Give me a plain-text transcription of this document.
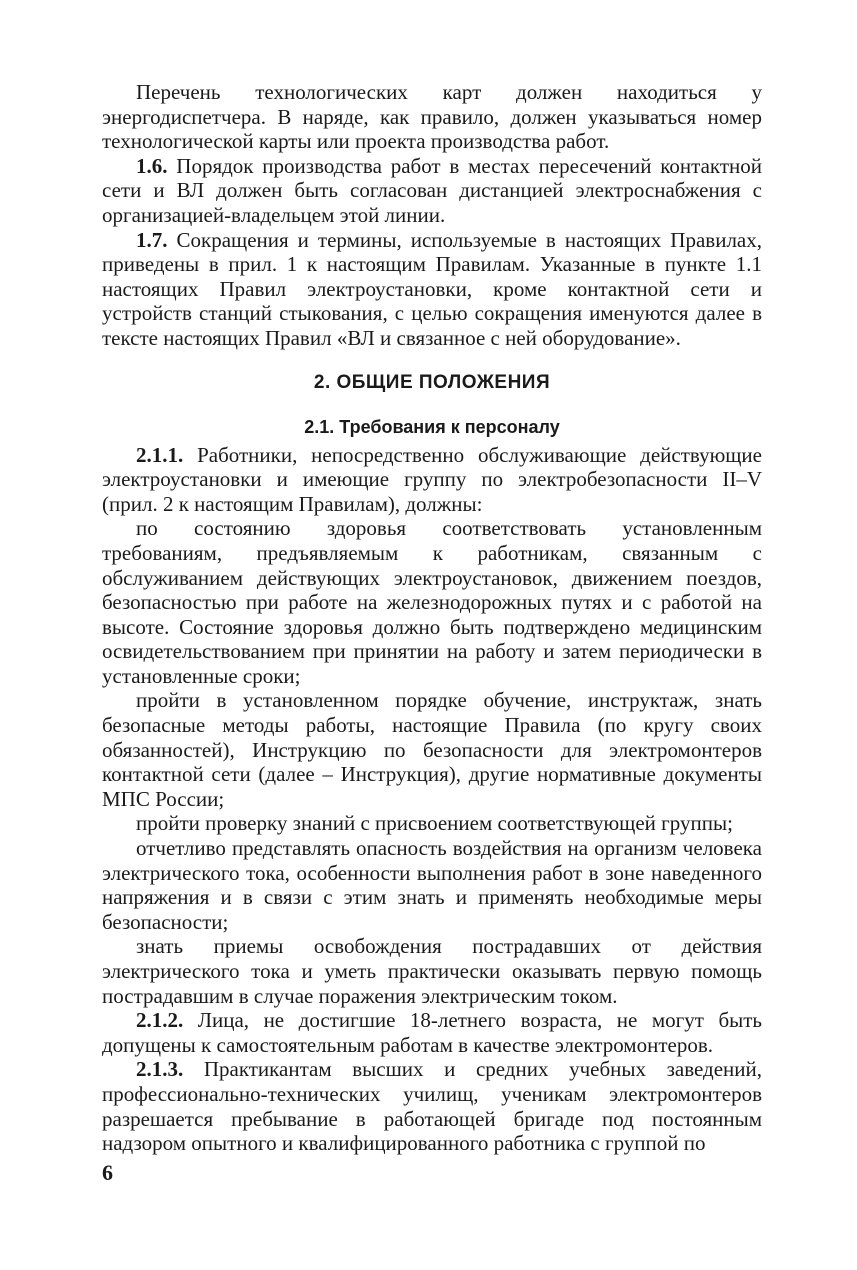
Перечень технологических карт должен находиться у энергодиспетчера. В наряде, как правило, должен указываться номер технологической карты или проекта производства работ.

1.6. Порядок производства работ в местах пересечений контактной сети и ВЛ должен быть согласован дистанцией электроснабжения с организацией-владельцем этой линии.

1.7. Сокращения и термины, используемые в настоящих Правилах, приведены в прил. 1 к настоящим Правилам. Указанные в пункте 1.1 настоящих Правил электроустановки, кроме контактной сети и устройств станций стыкования, с целью сокращения именуются далее в тексте настоящих Правил «ВЛ и связанное с ней оборудование».

2. ОБЩИЕ ПОЛОЖЕНИЯ
2.1. Требования к персоналу

2.1.1. Работники, непосредственно обслуживающие действующие электроустановки и имеющие группу по электробезопасности II–V (прил. 2 к настоящим Правилам), должны:

по состоянию здоровья соответствовать установленным требованиям, предъявляемым к работникам, связанным с обслуживанием действующих электроустановок, движением поездов, безопасностью при работе на железнодорожных путях и с работой на высоте. Состояние здоровья должно быть подтверждено медицинским освидетельствованием при принятии на работу и затем периодически в установленные сроки;

пройти в установленном порядке обучение, инструктаж, знать безопасные методы работы, настоящие Правила (по кругу своих обязанностей), Инструкцию по безопасности для электромонтеров контактной сети (далее – Инструкция), другие нормативные документы МПС России;

пройти проверку знаний с присвоением соответствующей группы;

отчетливо представлять опасность воздействия на организм человека электрического тока, особенности выполнения работ в зоне наведенного напряжения и в связи с этим знать и применять необходимые меры безопасности;

знать приемы освобождения пострадавших от действия электрического тока и уметь практически оказывать первую помощь пострадавшим в случае поражения электрическим током.

2.1.2. Лица, не достигшие 18-летнего возраста, не могут быть допущены к самостоятельным работам в качестве электромонтеров.

2.1.3. Практикантам высших и средних учебных заведений, профессионально-технических училищ, ученикам электромонтеров разрешается пребывание в работающей бригаде под постоянным надзором опытного и квалифицированного работника с группой по

6
